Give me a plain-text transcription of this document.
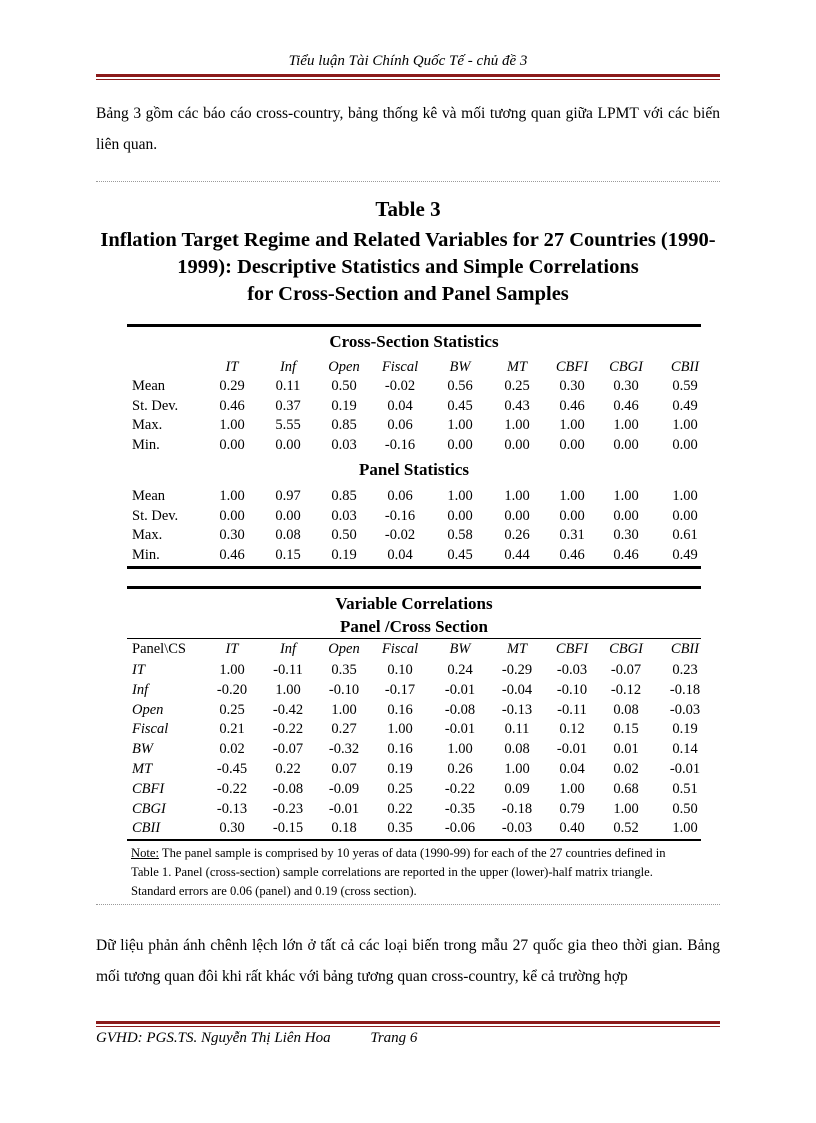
Tiểu luận Tài Chính Quốc Tế - chủ đề 3
Bảng 3 gồm các báo cáo cross-country, bảng thống kê và mối tương quan giữa LPMT với các biến liên quan.
Table 3
Inflation Target Regime and Related Variables for 27 Countries (1990-
1999): Descriptive Statistics and Simple Correlations
for Cross-Section and Panel Samples
Cross-Section Statistics
IT	Inf	Open	Fiscal	BW	MT	CBFI	CBGI	CBII
Mean	0.29	0.11	0.50	-0.02	0.56	0.25	0.30	0.30	0.59
St. Dev.	0.46	0.37	0.19	0.04	0.45	0.43	0.46	0.46	0.49
Max.	1.00	5.55	0.85	0.06	1.00	1.00	1.00	1.00	1.00
Min.	0.00	0.00	0.03	-0.16	0.00	0.00	0.00	0.00	0.00
Mean	1.00	0.97	0.85	0.06	1.00	1.00	1.00	1.00	1.00
St. Dev.	0.00	0.00	0.03	-0.16	0.00	0.00	0.00	0.00	0.00
Max.	0.30	0.08	0.50	-0.02	0.58	0.26	0.31	0.30	0.61
Min.	0.46	0.15	0.19	0.04	0.45	0.44	0.46	0.46	0.49
Panel Statistics
Variable Correlations
Panel /Cross Section
Panel\CS	IT	Inf	Open	Fiscal	BW	MT	CBFI	CBGI	CBII
IT	1.00	-0.11	0.35	0.10	0.24	-0.29	-0.03	-0.07	0.23
Inf	-0.20	1.00	-0.10	-0.17	-0.01	-0.04	-0.10	-0.12	-0.18
Open	0.25	-0.42	1.00	0.16	-0.08	-0.13	-0.11	0.08	-0.03
Fiscal	0.21	-0.22	0.27	1.00	-0.01	0.11	0.12	0.15	0.19
BW	0.02	-0.07	-0.32	0.16	1.00	0.08	-0.01	0.01	0.14
MT	-0.45	0.22	0.07	0.19	0.26	1.00	0.04	0.02	-0.01
CBFI	-0.22	-0.08	-0.09	0.25	-0.22	0.09	1.00	0.68	0.51
CBGI	-0.13	-0.23	-0.01	0.22	-0.35	-0.18	0.79	1.00	0.50
CBII	0.30	-0.15	0.18	0.35	-0.06	-0.03	0.40	0.52	1.00
Note: The panel sample is comprised by 10 yeras of data (1990-99) for each of the 27 countries defined in
Table 1. Panel (cross-section) sample correlations are reported in the upper (lower)-half matrix triangle.
Standard errors are 0.06 (panel) and 0.19 (cross section).
Dữ liệu phản ánh chênh lệch lớn ở tất cả các loại biến trong mẫu 27 quốc gia theo thời gian. Bảng mối tương quan đôi khi rất khác với bảng tương quan cross-country, kể cả trường hợp
GVHD: PGS.TS. Nguyễn Thị Liên Hoa	Trang 6
